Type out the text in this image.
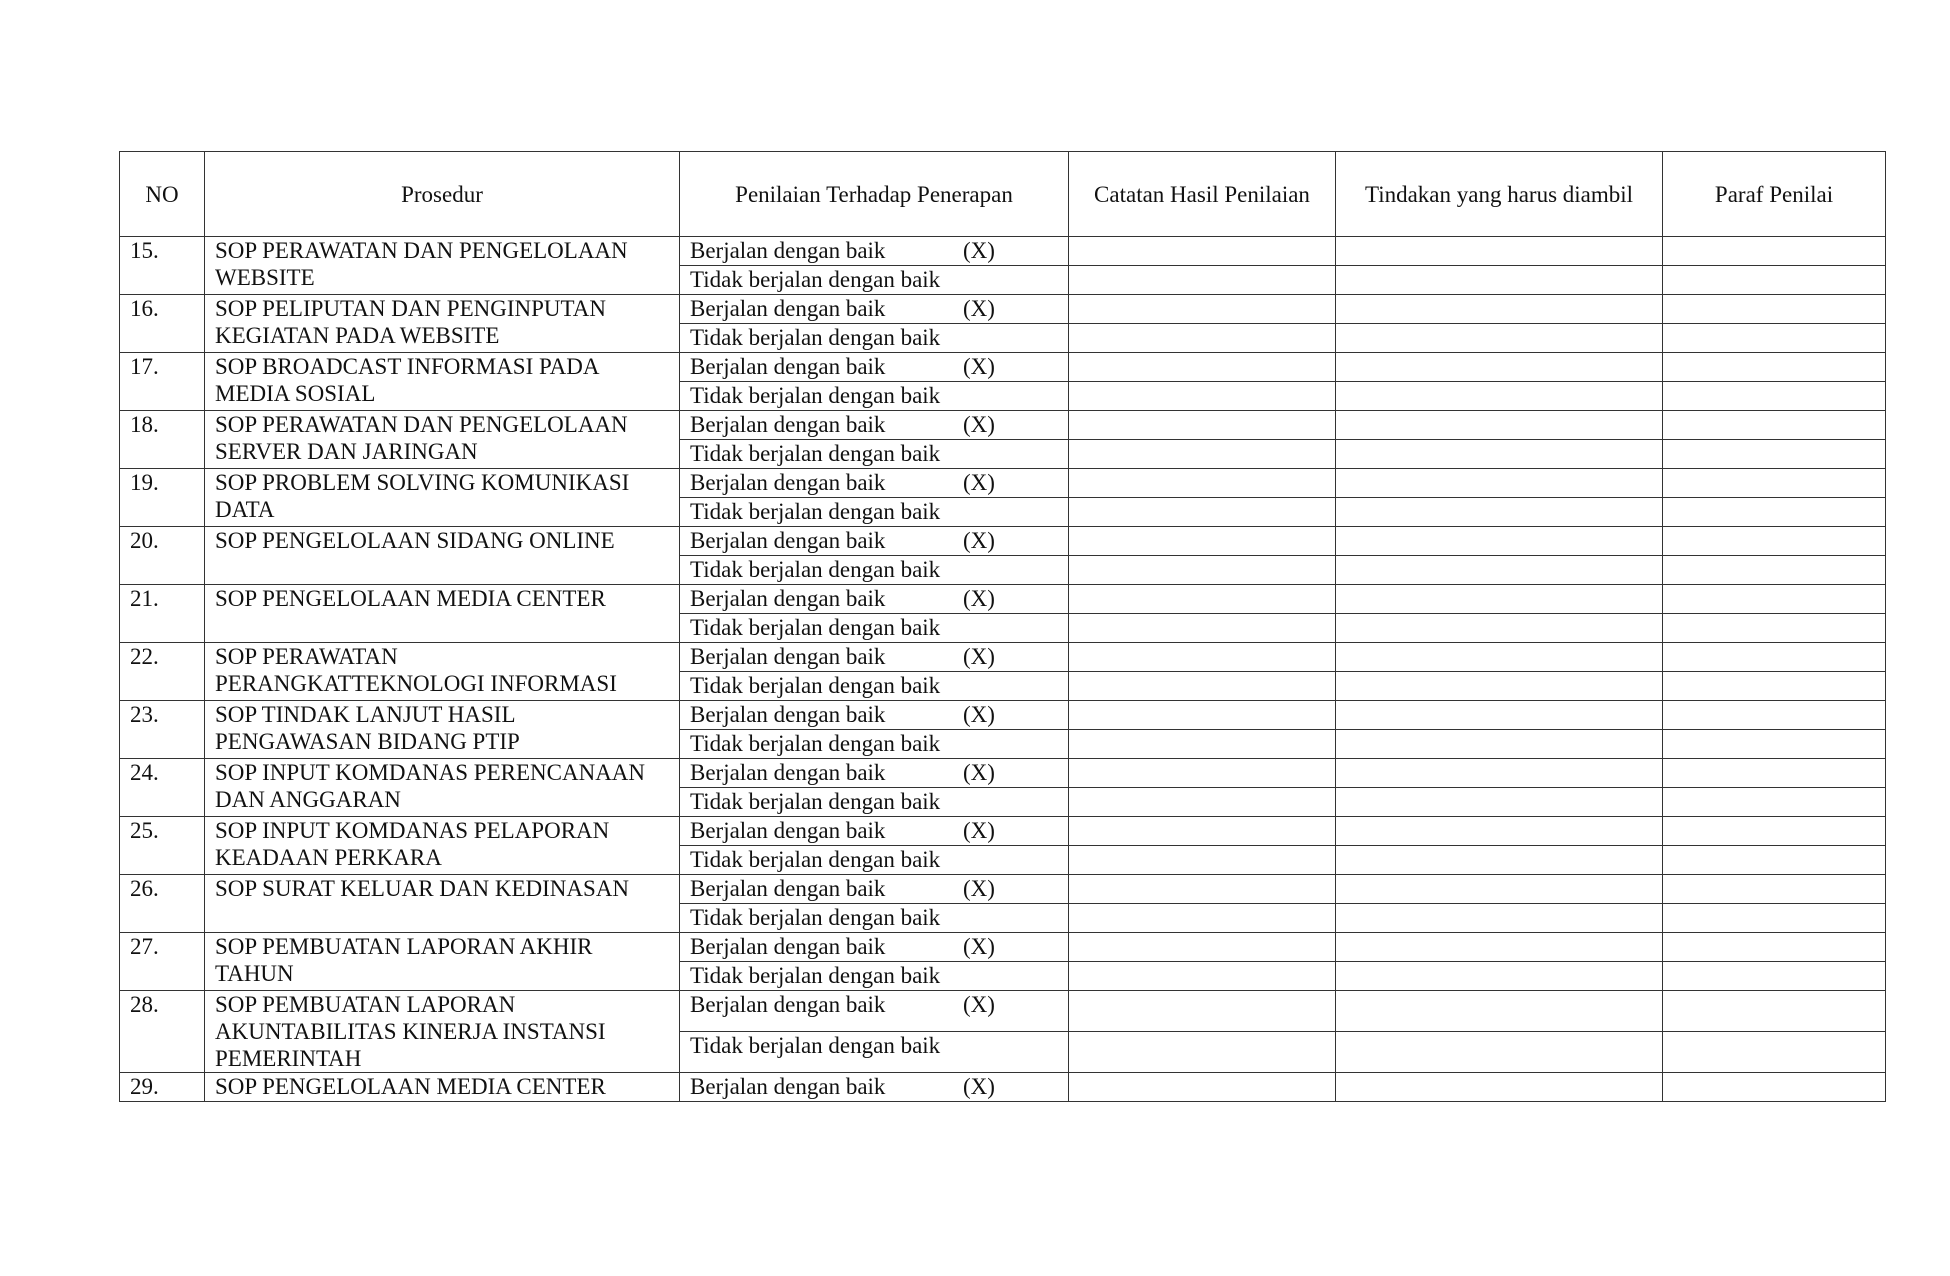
NO	Prosedur	Penilaian Terhadap Penerapan	Catatan Hasil Penilaian	Tindakan yang harus diambil	Paraf Penilai
15.	SOP PERAWATAN DAN PENGELOLAAN WEBSITE	Berjalan dengan baik (X)			

		Tidak berjalan dengan baik			
16.	SOP PELIPUTAN DAN PENGINPUTAN KEGIATAN PADA WEBSITE	Berjalan dengan baik (X)			

		Tidak berjalan dengan baik			
17.	SOP BROADCAST INFORMASI PADA MEDIA SOSIAL	Berjalan dengan baik (X)			

		Tidak berjalan dengan baik			
18.	SOP PERAWATAN DAN PENGELOLAAN SERVER DAN JARINGAN	Berjalan dengan baik (X)			

		Tidak berjalan dengan baik			
19.	SOP PROBLEM SOLVING KOMUNIKASI DATA	Berjalan dengan baik (X)			

		Tidak berjalan dengan baik			
20.	SOP PENGELOLAAN SIDANG ONLINE	Berjalan dengan baik (X)			

		Tidak berjalan dengan baik			
21.	SOP PENGELOLAAN MEDIA CENTER	Berjalan dengan baik (X)			

		Tidak berjalan dengan baik			
22.	SOP PERAWATAN PERANGKATTEKNOLOGI INFORMASI	Berjalan dengan baik (X)			

		Tidak berjalan dengan baik			
23.	SOP TINDAK LANJUT HASIL PENGAWASAN BIDANG PTIP	Berjalan dengan baik (X)			

		Tidak berjalan dengan baik			
24.	SOP INPUT KOMDANAS PERENCANAAN DAN ANGGARAN	Berjalan dengan baik (X)			

		Tidak berjalan dengan baik			
25.	SOP INPUT KOMDANAS PELAPORAN KEADAAN PERKARA	Berjalan dengan baik (X)			

		Tidak berjalan dengan baik			
26.	SOP SURAT KELUAR DAN KEDINASAN	Berjalan dengan baik (X)			

		Tidak berjalan dengan baik			
27.	SOP PEMBUATAN LAPORAN AKHIR TAHUN	Berjalan dengan baik (X)			

		Tidak berjalan dengan baik			
28.	SOP PEMBUATAN LAPORAN AKUNTABILITAS KINERJA INSTANSI PEMERINTAH	Berjalan dengan baik (X)			

		Tidak berjalan dengan baik			
29.	SOP PENGELOLAAN MEDIA CENTER	Berjalan dengan baik (X)			
